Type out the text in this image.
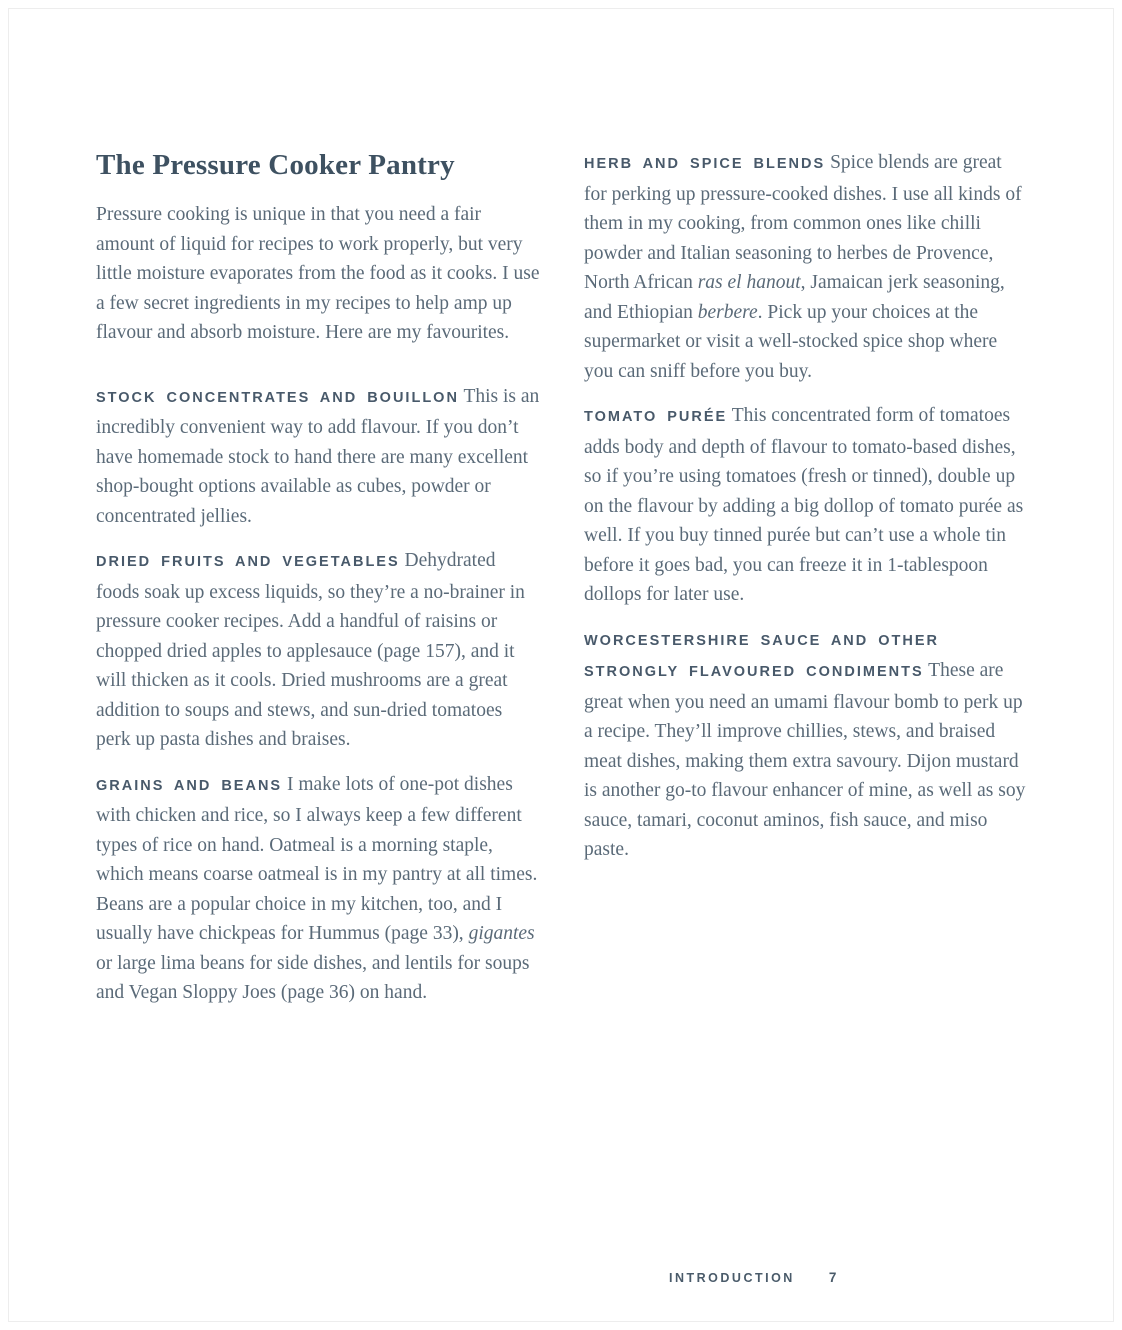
The Pressure Cooker Pantry

Pressure cooking is unique in that you need a fair amount of liquid for recipes to work properly, but very little moisture evaporates from the food as it cooks. I use a few secret ingredients in my recipes to help amp up flavour and absorb moisture. Here are my favourites.

STOCK CONCENTRATES AND BOUILLON This is an incredibly convenient way to add flavour. If you don’t have homemade stock to hand there are many excellent shop-bought options available as cubes, powder or concentrated jellies.

DRIED FRUITS AND VEGETABLES Dehydrated foods soak up excess liquids, so they’re a no-brainer in pressure cooker recipes. Add a handful of raisins or chopped dried apples to applesauce (page 157), and it will thicken as it cools. Dried mushrooms are a great addition to soups and stews, and sun-dried tomatoes perk up pasta dishes and braises.

GRAINS AND BEANS I make lots of one-pot dishes with chicken and rice, so I always keep a few different types of rice on hand. Oatmeal is a morning staple, which means coarse oatmeal is in my pantry at all times. Beans are a popular choice in my kitchen, too, and I usually have chickpeas for Hummus (page 33), gigantes or large lima beans for side dishes, and lentils for soups and Vegan Sloppy Joes (page 36) on hand.

HERB AND SPICE BLENDS Spice blends are great for perking up pressure-cooked dishes. I use all kinds of them in my cooking, from common ones like chilli powder and Italian seasoning to herbes de Provence, North African ras el hanout, Jamaican jerk seasoning, and Ethiopian berbere. Pick up your choices at the supermarket or visit a well-stocked spice shop where you can sniff before you buy.

TOMATO PURÉE This concentrated form of tomatoes adds body and depth of flavour to tomato-based dishes, so if you’re using tomatoes (fresh or tinned), double up on the flavour by adding a big dollop of tomato purée as well. If you buy tinned purée but can’t use a whole tin before it goes bad, you can freeze it in 1-tablespoon dollops for later use.

WORCESTERSHIRE SAUCE AND OTHER STRONGLY FLAVOURED CONDIMENTS These are great when you need an umami flavour bomb to perk up a recipe. They’ll improve chillies, stews, and braised meat dishes, making them extra savoury. Dijon mustard is another go-to flavour enhancer of mine, as well as soy sauce, tamari, coconut aminos, fish sauce, and miso paste.

INTRODUCTION	7
